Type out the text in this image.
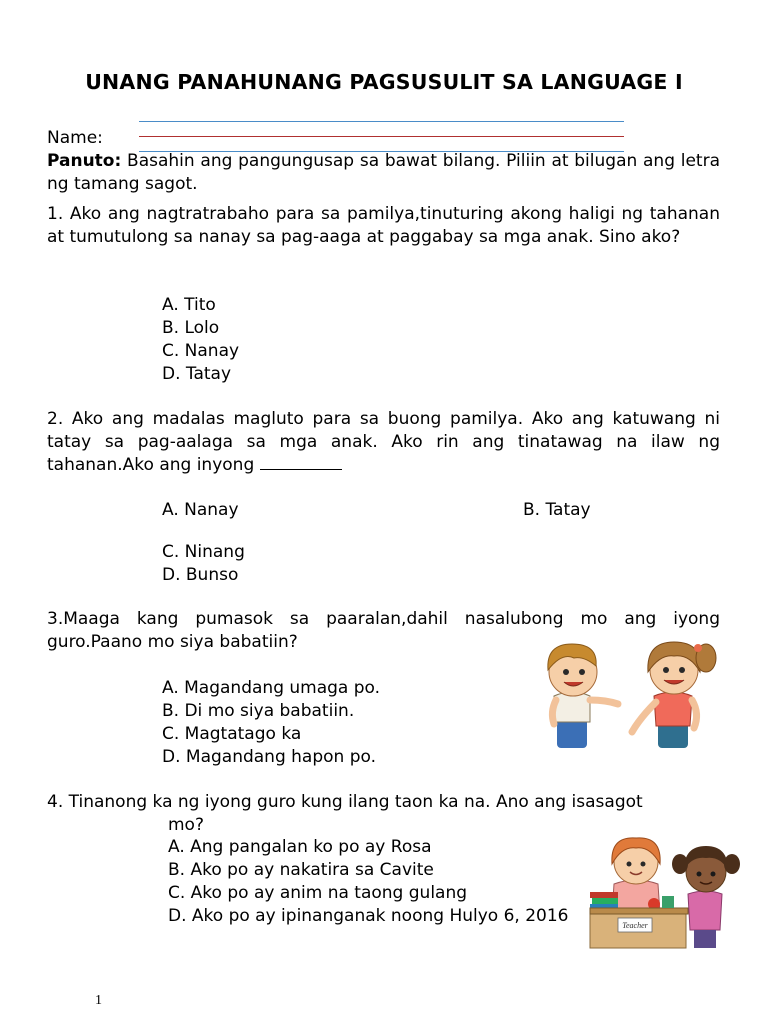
UNANG PANAHUNANG PAGSUSULIT SA LANGUAGE I
Name:
Panuto: Basahin ang pangungusap sa bawat bilang. Piliin at bilugan ang letra ng tamang sagot.
1. Ako ang nagtratrabaho para sa pamilya,tinuturing akong haligi ng tahanan at tumutulong sa nanay sa pag-aaga at paggabay sa mga anak. Sino ako?
A. Tito
B. Lolo
C. Nanay
D. Tatay
2. Ako ang madalas magluto para sa buong pamilya. Ako ang katuwang ni tatay sa pag-aalaga sa mga anak. Ako rin ang tinatawag na ilaw ng tahanan.Ako ang inyong
A. Nanay	B. Tatay
C. Ninang
D. Bunso
3.Maaga kang pumasok sa paaralan,dahil nasalubong mo ang iyong guro.Paano mo siya babatiin?
A. Magandang umaga po.
B. Di mo siya babatiin.
C. Magtatago ka
D. Magandang hapon po.
4. Tinanong ka ng iyong guro kung ilang taon ka na. Ano ang isasagot
mo?
A. Ang pangalan ko po ay Rosa
B. Ako po ay nakatira sa Cavite
C. Ako po ay anim na taong gulang
D. Ako po ay ipinanganak noong Hulyo 6, 2016	Teacher
1
